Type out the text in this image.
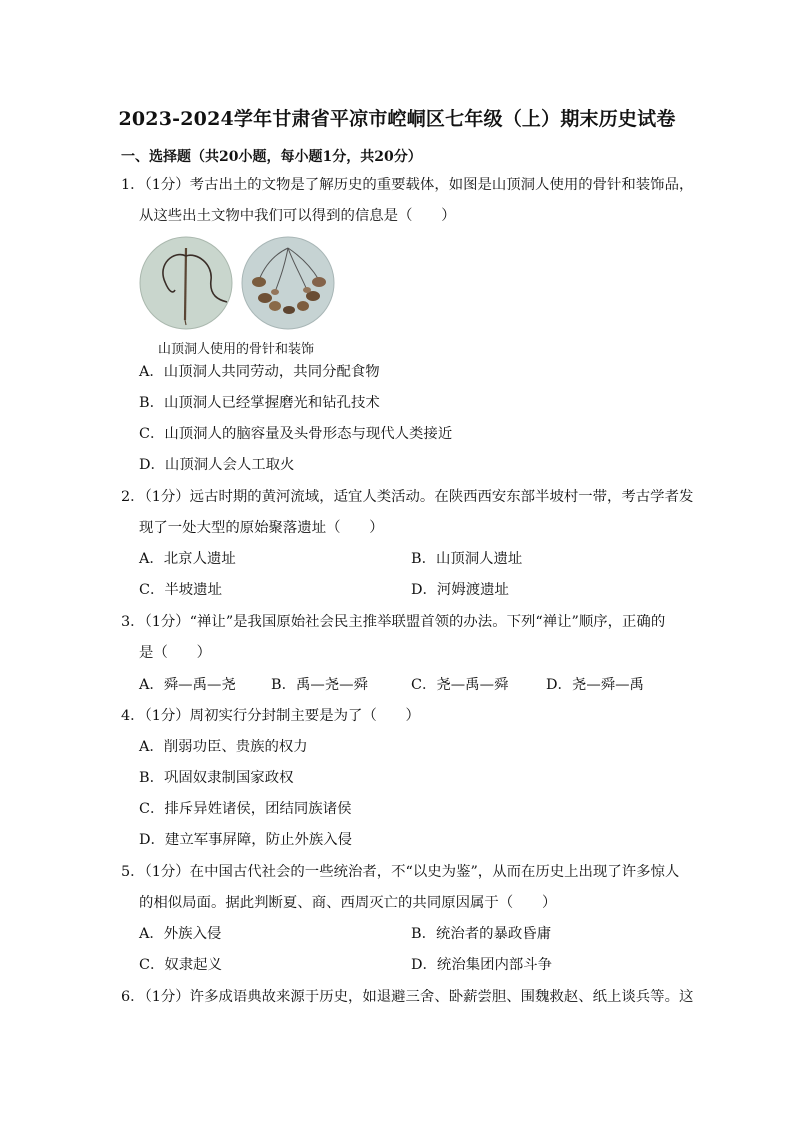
2023-2024学年甘肃省平凉市崆峒区七年级（上）期末历史试卷
一、选择题（共20小题，每小题1分，共20分）
1．（1分）考古出土的文物是了解历史的重要载体，如图是山顶洞人使用的骨针和装饰品，
从这些出土文物中我们可以得到的信息是（　　）
山顶洞人使用的骨针和装饰
A．山顶洞人共同劳动，共同分配食物
B．山顶洞人已经掌握磨光和钻孔技术
C．山顶洞人的脑容量及头骨形态与现代人类接近
D．山顶洞人会人工取火
2．（1分）远古时期的黄河流域，适宜人类活动。在陕西西安东部半坡村一带，考古学者发
现了一处大型的原始聚落遗址（　　）
A．北京人遗址	B．山顶洞人遗址
C．半坡遗址	D．河姆渡遗址
3．（1分）“禅让”是我国原始社会民主推举联盟首领的办法。下列“禅让”顺序，正确的
是（　　）
A．舜—禹—尧 B．禹—尧—舜	C．尧—禹—舜	D．尧—舜—禹
4．（1分）周初实行分封制主要是为了（　　）
A．削弱功臣、贵族的权力
B．巩固奴隶制国家政权
C．排斥异姓诸侯，团结同族诸侯
D．建立军事屏障，防止外族入侵
5．（1分）在中国古代社会的一些统治者，不“以史为鉴”，从而在历史上出现了许多惊人
的相似局面。据此判断夏、商、西周灭亡的共同原因属于（　　）
A．外族入侵	B．统治者的暴政昏庸
C．奴隶起义	D．统治集团内部斗争
6．（1分）许多成语典故来源于历史，如退避三舍、卧薪尝胆、围魏救赵、纸上谈兵等。这
